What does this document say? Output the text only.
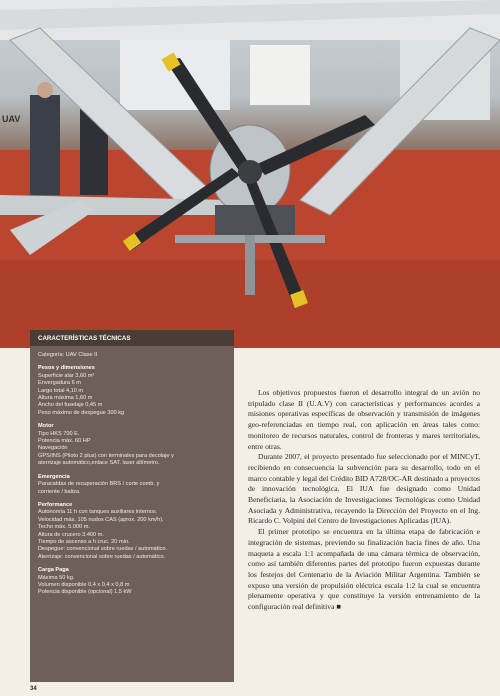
UAV
CARACTERÍSTICAS TÉCNICAS
Categoría: UAV Clase II
Pesos y dimensiones
Superficie alar 3,60 m²
Envergadura 6 m
Largo total 4,10 m
Altura máxima 1,60 m
Ancho del fuselaje 0,45 m
Peso máximo de despegue 300 kg
Motor
Tipo HKS 700 E.
Potencia máx. 60 HP
Navegación
GPS/INS (Piloto 2 plus) con terminales para decolaje y
aterrizaje automático,enlace SAT. laser altímetro.
Emergencia
Paracaídas de recuperación BRS / corte comb. y
corriente / baliza.
Performance
Autonomía 11 h con tanques auxiliares internos.
Velocidad máx. 105 nudos CAS (aprox. 200 km/h).
Techo máx. 5.000 m.
Altura de crucero 3.400 m.
Tiempo de ascenso a h cruc. 20 min.
Despegue: convencional sobre ruedas / automático.
Aterrizaje: convencional sobre ruedas / automático.
Carga Paga
Máxima 50 kg.
Volumen disponible 0,4 x 0,4 x 0,8 m
Potencia disponible (opcional) 1,5 kW

Los objetivos propuestos fueron el desarrollo integral de un avión no tripulado clase II (U.A.V) con características y performances acordes a misiones operativas específicas de observación y transmisión de imágenes geo-referenciadas en tiempo real, con aplicación en áreas tales como: monitoreo de recursos naturales, control de fronteras y mares territoriales, entre otras.

Durante 2007, el proyecto presentado fue seleccionado por el MINCyT, recibiendo en consecuencia la subvención para su desarrollo, todo en el marco contable y legal del Crédito BID A728/OC-AR destinado a proyectos de innovación tecnológica. El IUA fue designado como Unidad Beneficiaria, la Asociación de Investigaciones Tecnológicas como Unidad Asociada y Administrativa, recayendo la Dirección del Proyecto en el Ing. Ricardo C. Volpini del Centro de Investigaciones Aplicadas (IUA).

El primer prototipo se encuentra en la última etapa de fabricación e integración de sistemas, previendo su finalización hacia fines de año. Una maqueta a escala 1:1 acompañada de una cámara térmica de observación, como así también diferentes partes del prototipo fueron expuestas durante los festejos del Centenario de la Aviación Militar Argentina. También se expuso una versión de propulsión eléctrica escala 1:2 la cual se encuentra plenamente operativa y que constituye la versión entrenamiento de la configuración real definitiva ■

34
